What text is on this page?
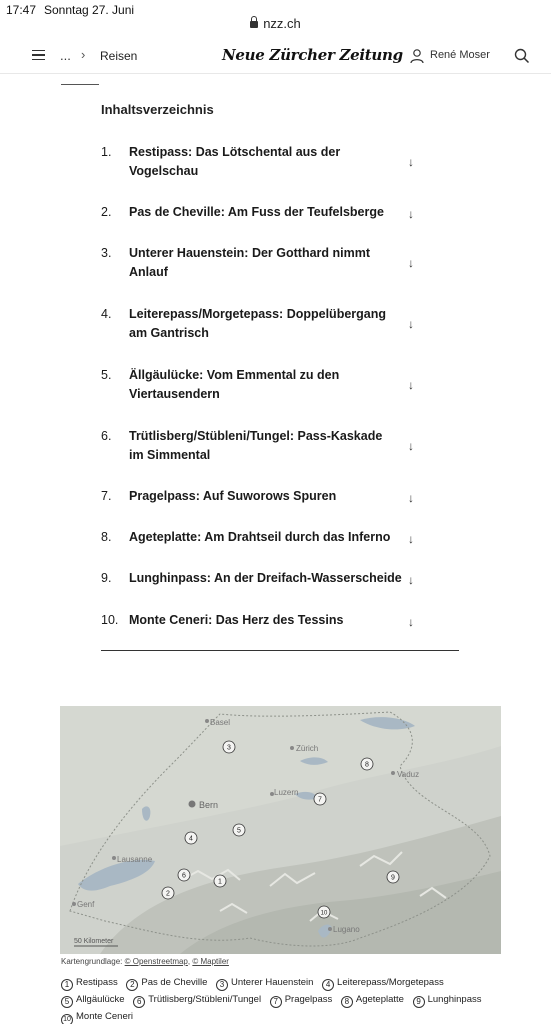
17:47 Sonntag 27. Juni
nzz.ch
... › Reisen	Neue Zürcher Zeitung René Moser
Inhaltsverzeichnis
1. Restipass: Das Lötschental aus der Vogelschau
↓
2. Pas de Cheville: Am Fuss der Teufelsberge	↓
3. Unterer Hauenstein: Der Gotthard nimmt Anlauf
↓
4. Leiterepass/Morgetepass: Doppelübergang am Gantrisch
↓
5. Ällgäulücke: Vom Emmental zu den Viertausendern
↓
6. Trütlisberg/Stübleni/Tungel: Pass-Kaskade im Simmental
↓
7. Pragelpass: Auf Suworows Spuren	↓
8. Ageteplatte: Am Drahtseil durch das Inferno	↓
9. Lunghinpass: An der Dreifach-Wasserscheide ↓
10. Monte Ceneri: Das Herz des Tessins	↓
Basel
Zürich
Vaduz
Bern
Luzern
Lausanne
Genf
Lugano
50 Kilometer
1
2
3
4
5
6
7
8
9
10
Kartengrundlage: © Openstreetmap, © Maptiler
1 Restipass 2 Pas de Cheville 3 Unterer Hauenstein 4 Leiterepass/Morgetepass
5 Allgäulücke 6 Trütlisberg/Stübleni/Tungel 7 Pragelpass 8 Ageteplatte 9 Lunghinpass
10 Monte Ceneri
